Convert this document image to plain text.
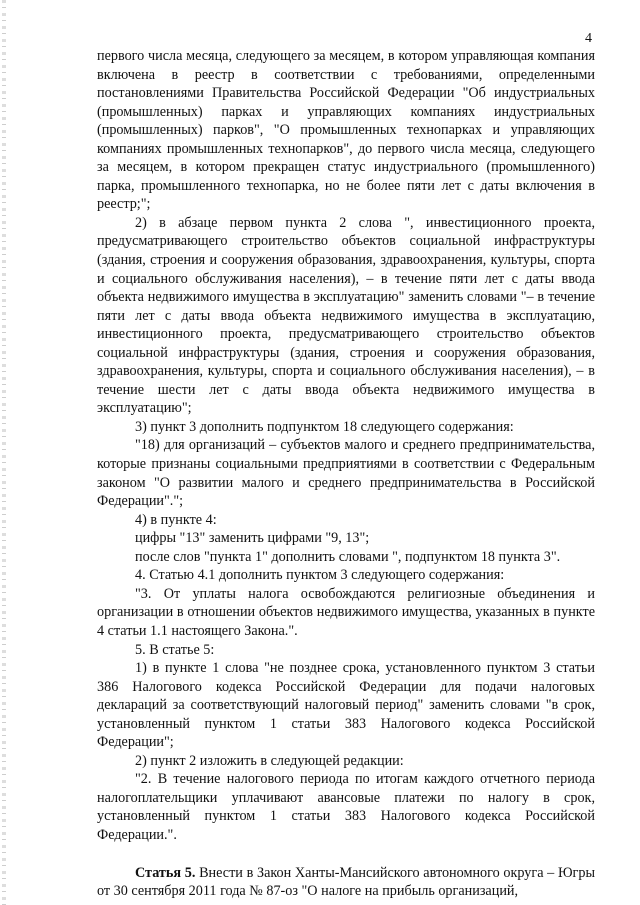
4

первого числа месяца, следующего за месяцем, в котором управляющая компания включена в реестр в соответствии с требованиями, определенными постановлениями Правительства Российской Федерации "Об индустриальных (промышленных) парках и управляющих компаниях индустриальных (промышленных) парков", "О промышленных технопарках и управляющих компаниях промышленных технопарков", до первого числа месяца, следующего за месяцем, в котором прекращен статус индустриального (промышленного) парка, промышленного технопарка, но не более пяти лет с даты включения в реестр;";

2) в абзаце первом пункта 2 слова ", инвестиционного проекта, предусматривающего строительство объектов социальной инфраструктуры (здания, строения и сооружения образования, здравоохранения, культуры, спорта и социального обслуживания населения), – в течение пяти лет с даты ввода объекта недвижимого имущества в эксплуатацию" заменить словами "– в течение пяти лет с даты ввода объекта недвижимого имущества в эксплуатацию, инвестиционного проекта, предусматривающего строительство объектов социальной инфраструктуры (здания, строения и сооружения образования, здравоохранения, культуры, спорта и социального обслуживания населения), – в течение шести лет с даты ввода объекта недвижимого имущества в эксплуатацию";

3) пункт 3 дополнить подпунктом 18 следующего содержания:

"18) для организаций – субъектов малого и среднего предпринимательства, которые признаны социальными предприятиями в соответствии с Федеральным законом "О развитии малого и среднего предпринимательства в Российской Федерации".";

4) в пункте 4:

цифры "13" заменить цифрами "9, 13";

после слов "пункта 1" дополнить словами ", подпунктом 18 пункта 3".

4. Статью 4.1 дополнить пунктом 3 следующего содержания:

"3. От уплаты налога освобождаются религиозные объединения и организации в отношении объектов недвижимого имущества, указанных в пункте 4 статьи 1.1 настоящего Закона.".

5. В статье 5:

1) в пункте 1 слова "не позднее срока, установленного пунктом 3 статьи 386 Налогового кодекса Российской Федерации для подачи налоговых деклараций за соответствующий налоговый период" заменить словами "в срок, установленный пунктом 1 статьи 383 Налогового кодекса Российской Федерации";

2) пункт 2 изложить в следующей редакции:

"2. В течение налогового периода по итогам каждого отчетного периода налогоплательщики уплачивают авансовые платежи по налогу в срок, установленный пунктом 1 статьи 383 Налогового кодекса Российской Федерации.".

Статья 5. Внести в Закон Ханты-Мансийского автономного округа – Югры от 30 сентября 2011 года № 87-оз "О налоге на прибыль организаций,
